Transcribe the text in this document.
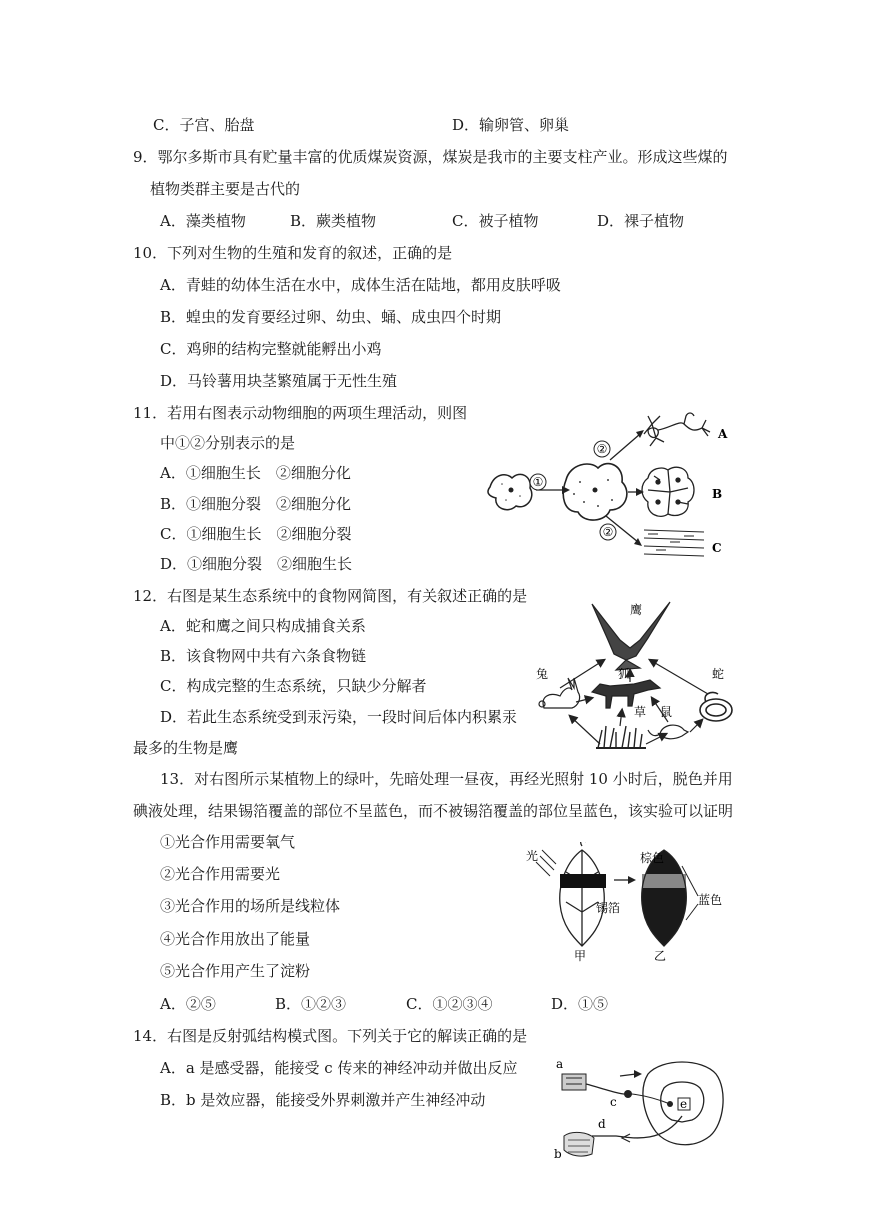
C．子宫、胎盘	D．输卵管、卵巢
9．鄂尔多斯市具有贮量丰富的优质煤炭资源，煤炭是我市的主要支柱产业。形成这些煤的
植物类群主要是古代的
A．藻类植物	B．蕨类植物	C．被子植物	D．裸子植物
10．下列对生物的生殖和发育的叙述，正确的是
A．青蛙的幼体生活在水中，成体生活在陆地，都用皮肤呼吸
B．蝗虫的发育要经过卵、幼虫、蛹、成虫四个时期
C．鸡卵的结构完整就能孵出小鸡
D．马铃薯用块茎繁殖属于无性生殖
11．若用右图表示动物细胞的两项生理活动，则图
中①②分别表示的是
A．①细胞生长　②细胞分化
B．①细胞分裂　②细胞分化
C．①细胞生长　②细胞分裂
D．①细胞分裂　②细胞生长
①
②
A
B
②
C
12．右图是某生态系统中的食物网简图，有关叙述正确的是
A．蛇和鹰之间只构成捕食关系
B．该食物网中共有六条食物链
C．构成完整的生态系统，只缺少分解者
D．若此生态系统受到汞污染，一段时间后体内积累汞
最多的生物是鹰
鹰
兔	狐	蛇
草 鼠
13．对右图所示某植物上的绿叶，先暗处理一昼夜，再经光照射 10 小时后，脱色并用
碘液处理，结果锡箔覆盖的部位不呈蓝色，而不被锡箔覆盖的部位呈蓝色，该实验可以证明
①光合作用需要氧气
②光合作用需要光
③光合作用的场所是线粒体
④光合作用放出了能量
⑤光合作用产生了淀粉
A．②⑤	B．①②③	C．①②③④	D．①⑤
光
锡箔
甲
棕色
蓝色
乙
14．右图是反射弧结构模式图。下列关于它的解读正确的是
A．a 是感受器，能接受 c 传来的神经冲动并做出反应
B．b 是效应器，能接受外界刺激并产生神经冲动
a
c	e
d
b
